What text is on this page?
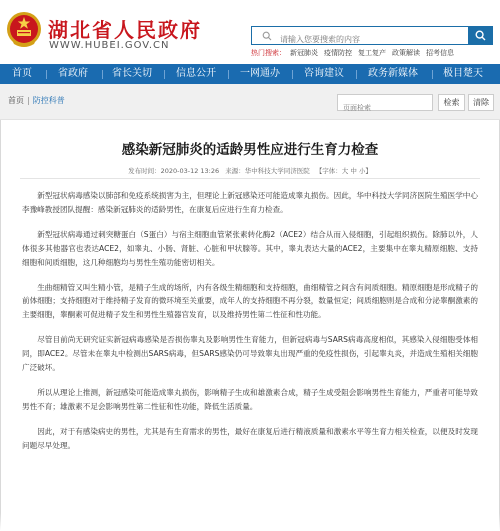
湖北省人民政府
WWW.HUBEI.GOV.CN
请输入您要搜索的内容
热门搜索： 新冠肺炎 疫情防控 复工复产 政策解读 招考信息
首页	省政府 省长关切 信息公开 一网通办 咨询建议 政务新媒体	极目楚天
首页 | 防控科普
页面检索	检索	清除
感染新冠肺炎的适龄男性应进行生育力检查
发布时间：2020-03-12 13:26 来源：华中科技大学同济医院 【字体：大 中 小】

新型冠状病毒感染以肺部和免疫系统损害为主，但理论上新冠感染还可能造成睾丸损伤。因此，华中科技大学同济医院生殖医学中心李豫峰教授团队提醒：感染新冠肺炎的适龄男性，在康复后应进行生育力检查。

新型冠状病毒通过刺突糖蛋白（S蛋白）与宿主细胞血管紧张素转化酶2（ACE2）结合从而入侵细胞，引起组织损伤。除肺以外，人体很多其他器官也表达ACE2，如睾丸、小肠、肾脏、心脏和甲状腺等。其中，睾丸表达大量的ACE2，主要集中在睾丸精原细胞、支持细胞和间质细胞，这几种细胞均与男性生殖功能密切相关。

生曲细精管又叫生精小管，是精子生成的场所，内有各级生精细胞和支持细胞，曲细精管之间含有间质细胞。精原细胞是形成精子的前体细胞；支持细胞对于维持精子发育的微环境至关重要，成年人的支持细胞不再分裂，数量恒定；间质细胞则是合成和分泌睾酮激素的主要细胞，睾酮素可促进精子发生和男性生殖器官发育，以及维持男性第二性征和性功能。

尽管目前尚无研究证实新冠病毒感染是否损伤睾丸及影响男性生育能力，但新冠病毒与SARS病毒高度相似，其感染入侵细胞受体相同，即ACE2。尽管未在睾丸中检测出SARS病毒，但SARS感染仍可导致睾丸出现严重的免疫性损伤，引起睾丸炎，并造成生殖相关细胞广泛破坏。

所以从理论上推测，新冠感染可能造成睾丸损伤，影响精子生成和雄激素合成，精子生成受阻会影响男性生育能力，严重者可能导致男性不育；雄激素不足会影响男性第二性征和性功能，降低生活质量。

因此，对于有感染病史的男性，尤其是有生育需求的男性，最好在康复后进行精液质量和激素水平等生育力相关检查，以便及时发现问题尽早处理。
